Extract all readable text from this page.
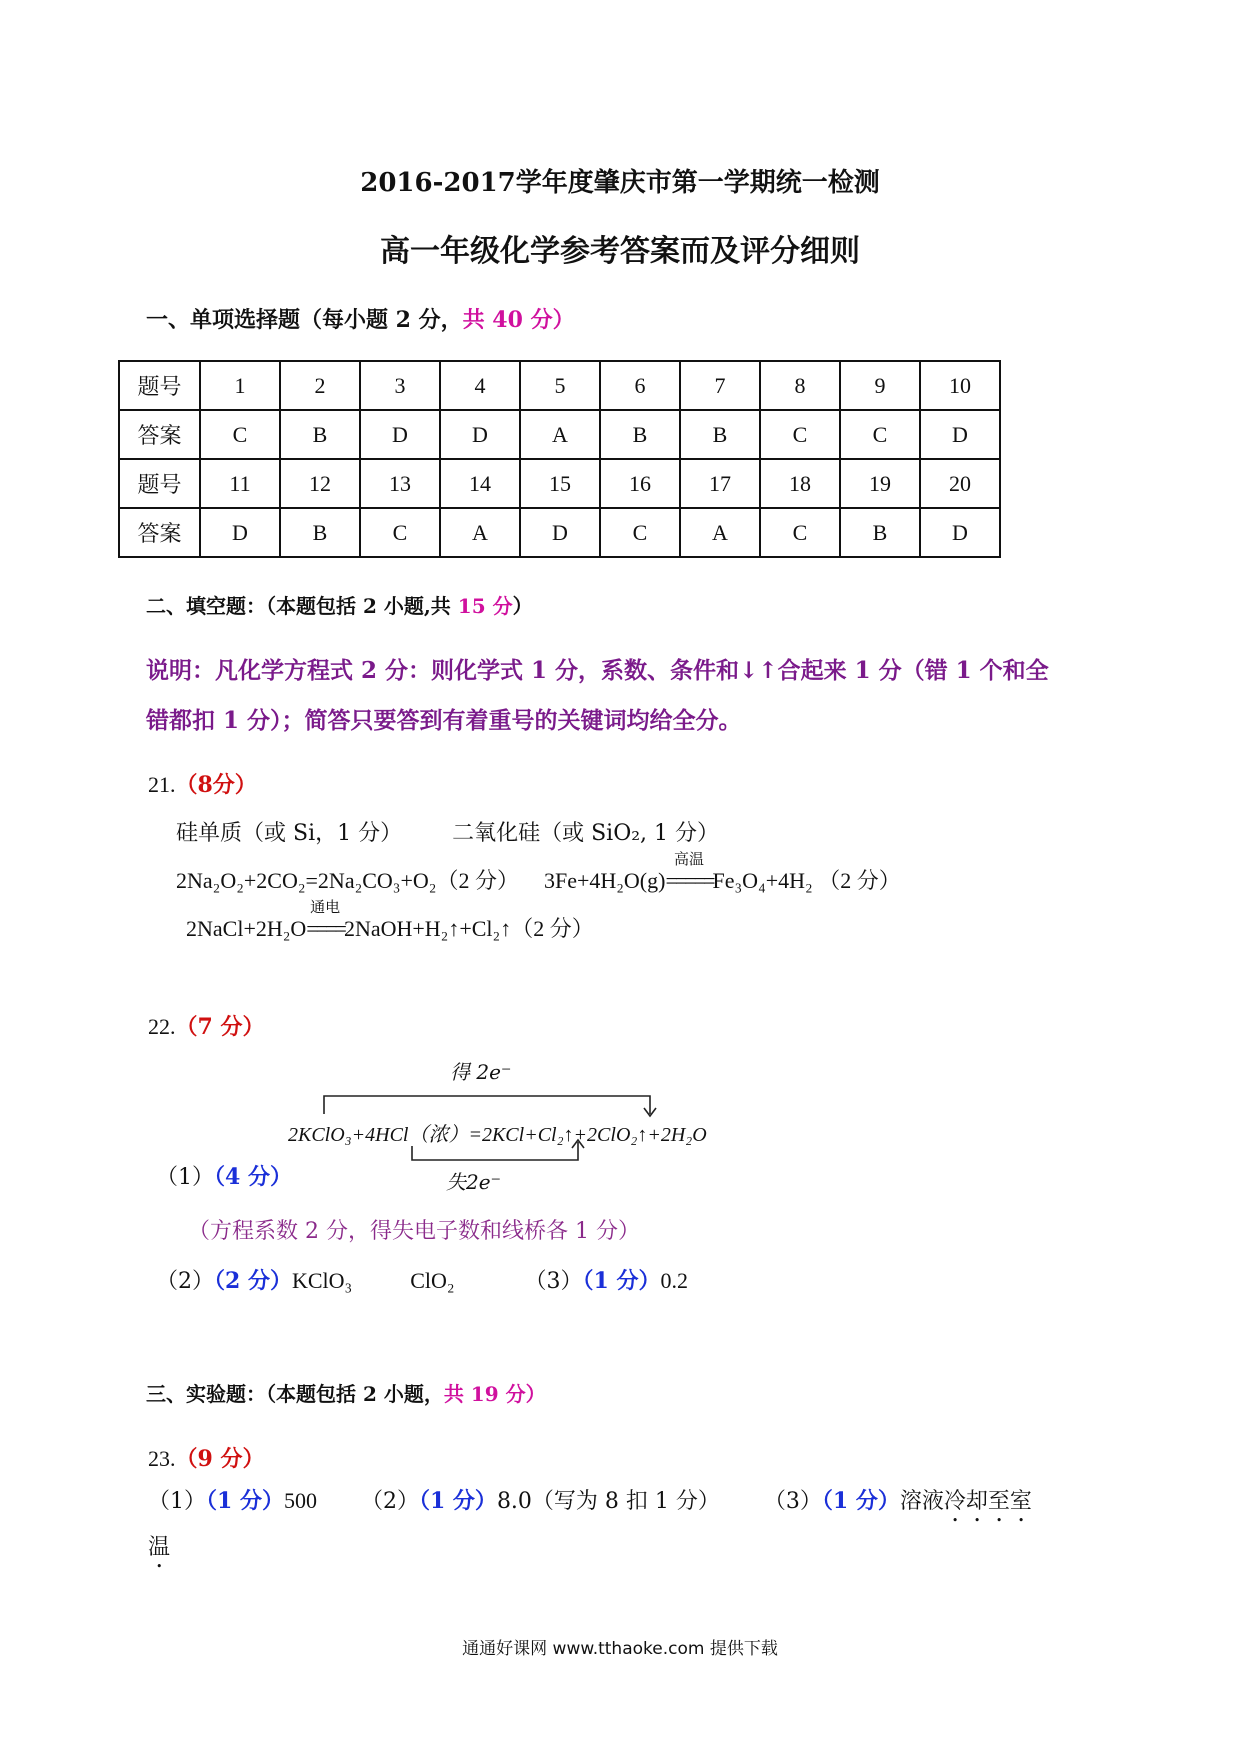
2016-2017学年度肇庆市第一学期统一检测
高一年级化学参考答案而及评分细则
一、单项选择题（每小题 2 分，共 40 分）
题号	1	2	3	4	5	6	7	8	9	10
答案	C	B	D	D	A	B	B	C	C	D
题号	11	12	13	14	15	16	17	18	19	20
答案	D	B	C	A	D	C	A	C	B	D
二、填空题：（本题包括 2 小题,共 15 分）
说明：凡化学方程式 2 分：则化学式 1 分，系数、条件和↓↑合起来 1 分（错 1 个和全
错都扣 1 分）；简答只要答到有着重号的关键词均给全分。
21.（8分）
硅单质（或 Si，1 分） 二氧化硅（或 SiO₂, 1 分）
2Na₂O₂+2CO₂=2Na₂CO₃+O₂（2 分） 3Fe+4H₂O(g)
高温
=====Fe₃O₄+4H₂ （2 分）
2NaCl+2H₂O
通电
====2NaOH+H₂↑+Cl₂↑（2 分）
22.（7 分）
得 2e⁻
2KClO₃+4HCl（浓）=2KCl+Cl₂↑+2ClO₂↑+2H₂O
失2e⁻
（1）（4 分）
（方程系数 2 分，得失电子数和线桥各 1 分）
（2）（2 分）KClO₃	ClO₂	（3）（1 分）0.2
三、实验题：（本题包括 2 小题，共 19 分）
23.（9 分）
（1）（1 分）500 （2）（1 分）8.0（写为 8 扣 1 分） （3）（1 分）溶液冷却至室
温
通通好课网 www.tthaoke.com 提供下载
